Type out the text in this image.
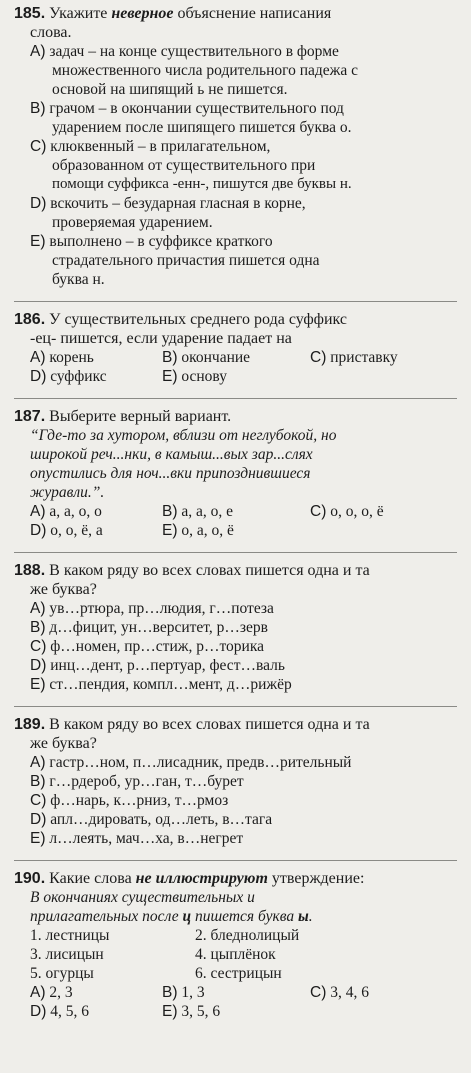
185. Укажите неверное объяснение написания
слова.
A) задач – на конце существительного в форме
множественного числа родительного падежа с
основой на шипящий ь не пишется.
B) грачом – в окончании существительного под
ударением после шипящего пишется буква о.
C) клюквенный – в прилагательном,
образованном от существительного при
помощи суффикса -енн-, пишутся две буквы н.
D) вскочить – безударная гласная в корне,
проверяемая ударением.
E) выполнено – в суффиксе краткого
страдательного причастия пишется одна
буква н.
186. У существительных среднего рода суффикс
-ец- пишется, если ударение падает на
A) корень	B) окончание	C) приставку
D) суффикс	E) основу
187. Выберите верный вариант.
“Где-то за хутором, вблизи от неглубокой, но
широкой реч...нки, в камыш...вых зар...слях
опустились для ноч...вки припозднившиеся
журавли.”.
A) а, а, о, о	B) а, а, о, е	C) о, о, о, ё
D) о, о, ё, а	E) о, а, о, ё
188. В каком ряду во всех словах пишется одна и та
же буква?
A) ув…ртюра, пр…людия, г…потеза
B) д…фицит, ун…верситет, р…зерв
C) ф…номен, пр…стиж, р…торика
D) инц…дент, р…пертуар, фест…валь
E) ст…пендия, компл…мент, д…рижёр
189. В каком ряду во всех словах пишется одна и та
же буква?
A) гастр…ном, п…лисадник, предв…рительный
B) г…рдероб, ур…ган, т…бурет
C) ф…нарь, к…рниз, т…рмоз
D) апл…дировать, од…леть, в…тага
E) л…леять, мач…ха, в…негрет
190. Какие слова не иллюстрируют утверждение:
В окончаниях существительных и
прилагательных после ц пишется буква ы.
1. лестницы	2. бледнолицый
3. лисицын	4. цыплёнок
5. огурцы	6. сестрицын
A) 2, 3	B) 1, 3	C) 3, 4, 6
D) 4, 5, 6	E) 3, 5, 6
